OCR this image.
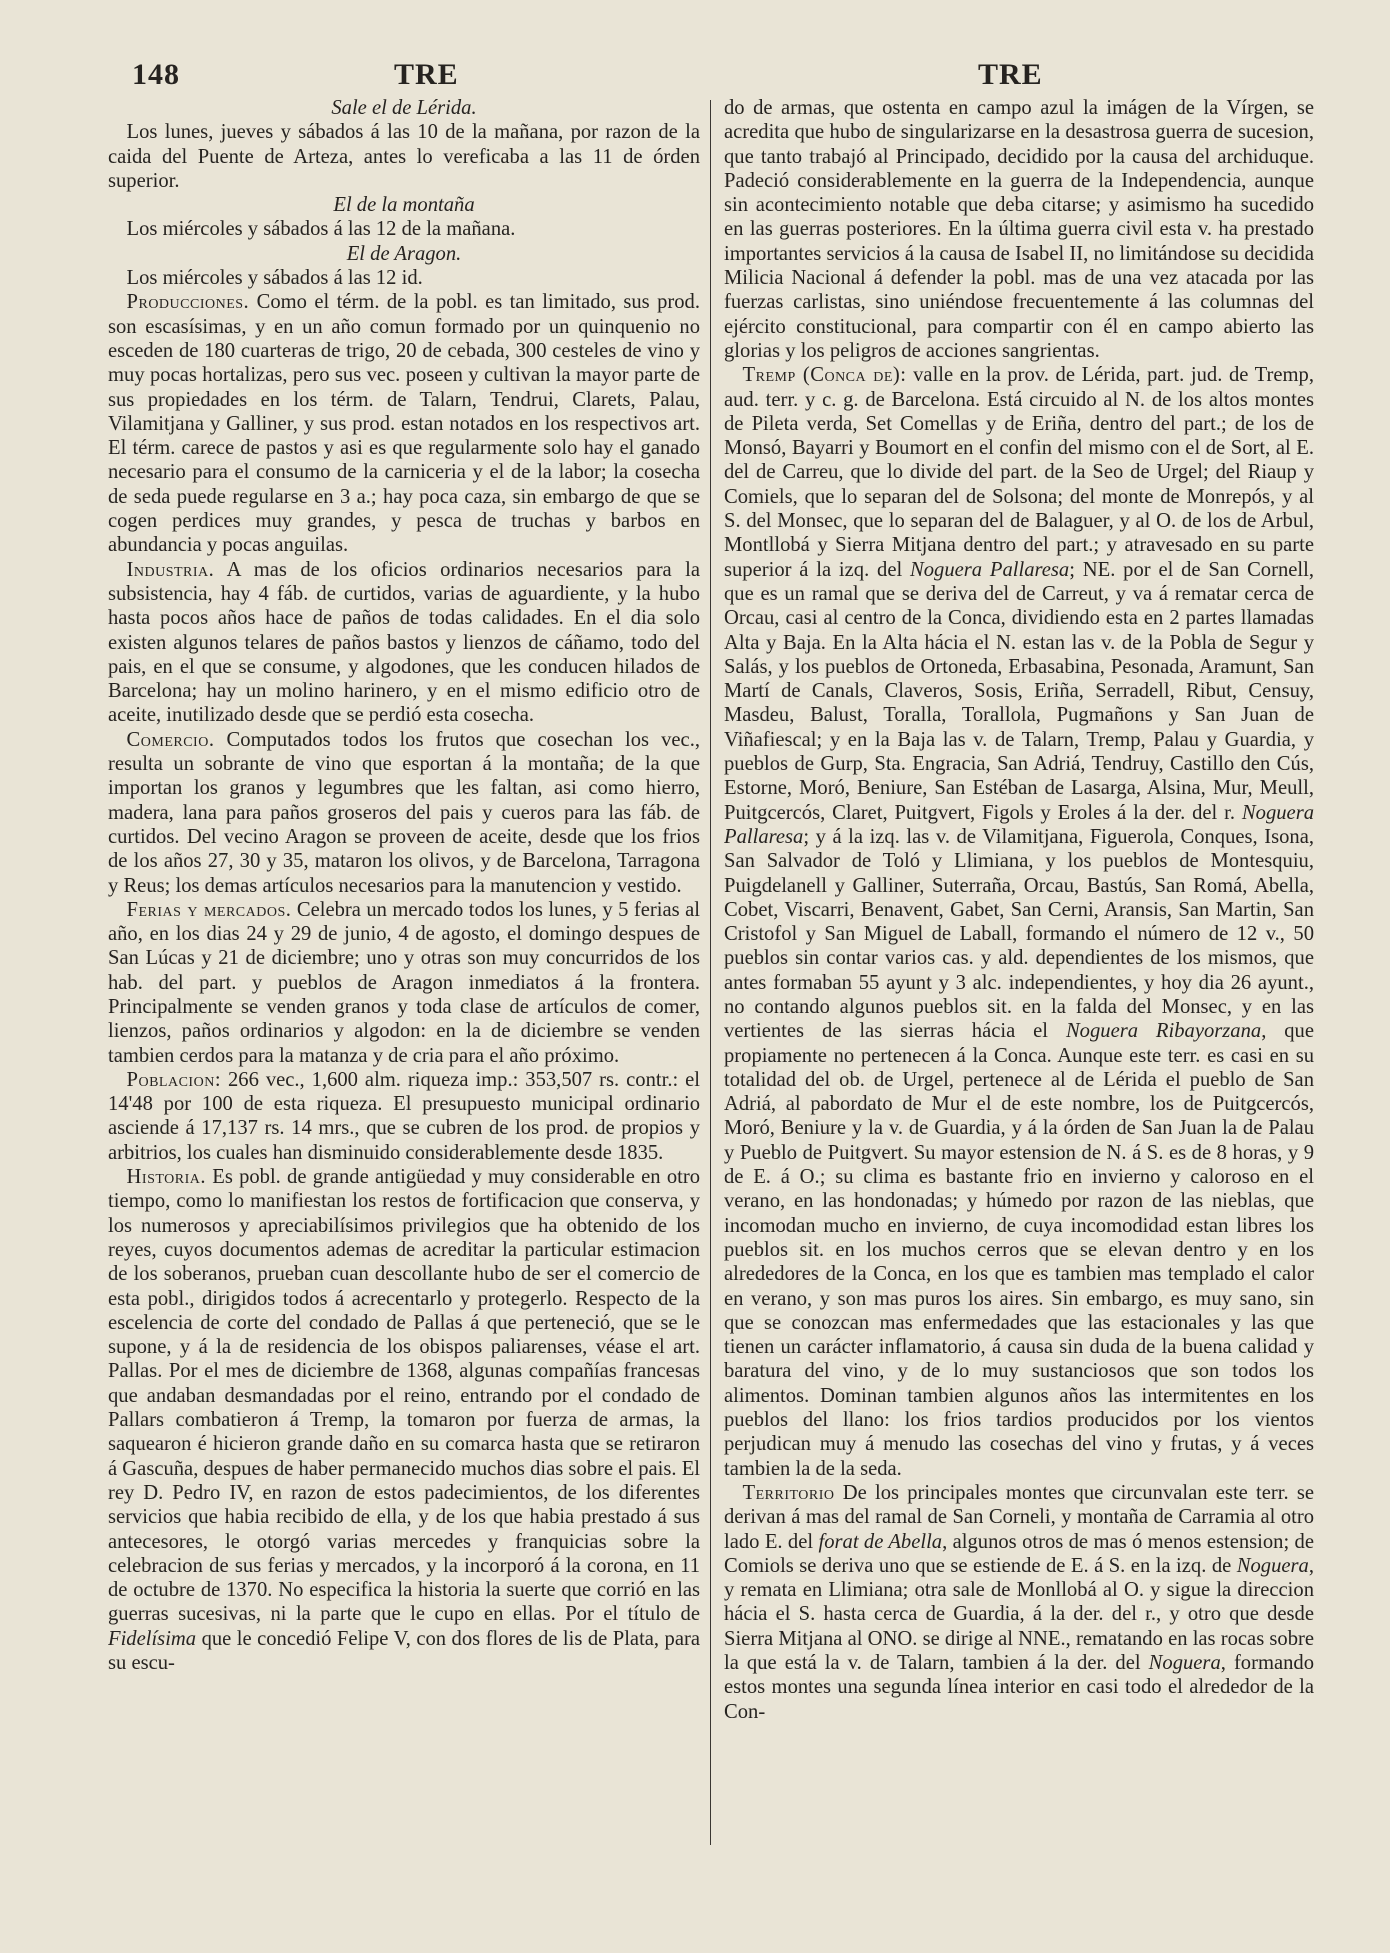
148	TRE	TRE

Sale el de Lérida.

Los lunes, jueves y sábados á las 10 de la mañana, por razon de la caida del Puente de Arteza, antes lo vereficaba a las 11 de órden superior.

El de la montaña

Los miércoles y sábados á las 12 de la mañana.

El de Aragon.

Los miércoles y sábados á las 12 id.

Producciones. Como el térm. de la pobl. es tan limitado, sus prod. son escasísimas, y en un año comun formado por un quinquenio no esceden de 180 cuarteras de trigo, 20 de cebada, 300 cesteles de vino y muy pocas hortalizas, pero sus vec. poseen y cultivan la mayor parte de sus propiedades en los térm. de Talarn, Tendrui, Clarets, Palau, Vilamitjana y Galliner, y sus prod. estan notados en los respectivos art. El térm. carece de pastos y asi es que regularmente solo hay el ganado necesario para el consumo de la carniceria y el de la labor; la cosecha de seda puede regularse en 3 a.; hay poca caza, sin embargo de que se cogen perdices muy grandes, y pesca de truchas y barbos en abundancia y pocas anguilas.

Industria. A mas de los oficios ordinarios necesarios para la subsistencia, hay 4 fáb. de curtidos, varias de aguardiente, y la hubo hasta pocos años hace de paños de todas calidades. En el dia solo existen algunos telares de paños bastos y lienzos de cáñamo, todo del pais, en el que se consume, y algodones, que les conducen hilados de Barcelona; hay un molino harinero, y en el mismo edificio otro de aceite, inutilizado desde que se perdió esta cosecha.

Comercio. Computados todos los frutos que cosechan los vec., resulta un sobrante de vino que esportan á la montaña; de la que importan los granos y legumbres que les faltan, asi como hierro, madera, lana para paños groseros del pais y cueros para las fáb. de curtidos. Del vecino Aragon se proveen de aceite, desde que los frios de los años 27, 30 y 35, mataron los olivos, y de Barcelona, Tarragona y Reus; los demas artículos necesarios para la manutencion y vestido.

Ferias y mercados. Celebra un mercado todos los lunes, y 5 ferias al año, en los dias 24 y 29 de junio, 4 de agosto, el domingo despues de San Lúcas y 21 de diciembre; uno y otras son muy concurridos de los hab. del part. y pueblos de Aragon inmediatos á la frontera. Principalmente se venden granos y toda clase de artículos de comer, lienzos, paños ordinarios y algodon: en la de diciembre se venden tambien cerdos para la matanza y de cria para el año próximo.

Poblacion: 266 vec., 1,600 alm. riqueza imp.: 353,507 rs. contr.: el 14'48 por 100 de esta riqueza. El presupuesto municipal ordinario asciende á 17,137 rs. 14 mrs., que se cubren de los prod. de propios y arbitrios, los cuales han disminuido considerablemente desde 1835.

Historia. Es pobl. de grande antigüedad y muy considerable en otro tiempo, como lo manifiestan los restos de fortificacion que conserva, y los numerosos y apreciabilísimos privilegios que ha obtenido de los reyes, cuyos documentos ademas de acreditar la particular estimacion de los soberanos, prueban cuan descollante hubo de ser el comercio de esta pobl., dirigidos todos á acrecentarlo y protegerlo. Respecto de la escelencia de corte del condado de Pallas á que perteneció, que se le supone, y á la de residencia de los obispos paliarenses, véase el art. Pallas. Por el mes de diciembre de 1368, algunas compañías francesas que andaban desmandadas por el reino, entrando por el condado de Pallars combatieron á Tremp, la tomaron por fuerza de armas, la saquearon é hicieron grande daño en su comarca hasta que se retiraron á Gascuña, despues de haber permanecido muchos dias sobre el pais. El rey D. Pedro IV, en razon de estos padecimientos, de los diferentes servicios que habia recibido de ella, y de los que habia prestado á sus antecesores, le otorgó varias mercedes y franquicias sobre la celebracion de sus ferias y mercados, y la incorporó á la corona, en 11 de octubre de 1370. No especifica la historia la suerte que corrió en las guerras sucesivas, ni la parte que le cupo en ellas. Por el título de Fidelísima que le concedió Felipe V, con dos flores de lis de Plata, para su escu-

do de armas, que ostenta en campo azul la imágen de la Vírgen, se acredita que hubo de singularizarse en la desastrosa guerra de sucesion, que tanto trabajó al Principado, decidido por la causa del archiduque. Padeció considerablemente en la guerra de la Independencia, aunque sin acontecimiento notable que deba citarse; y asimismo ha sucedido en las guerras posteriores. En la última guerra civil esta v. ha prestado importantes servicios á la causa de Isabel II, no limitándose su decidida Milicia Nacional á defender la pobl. mas de una vez atacada por las fuerzas carlistas, sino uniéndose frecuentemente á las columnas del ejército constitucional, para compartir con él en campo abierto las glorias y los peligros de acciones sangrientas.

Tremp (Conca de): valle en la prov. de Lérida, part. jud. de Tremp, aud. terr. y c. g. de Barcelona. Está circuido al N. de los altos montes de Pileta verda, Set Comellas y de Eriña, dentro del part.; de los de Monsó, Bayarri y Boumort en el confin del mismo con el de Sort, al E. del de Carreu, que lo divide del part. de la Seo de Urgel; del Riaup y Comiels, que lo separan del de Solsona; del monte de Monrepós, y al S. del Monsec, que lo separan del de Balaguer, y al O. de los de Arbul, Montllobá y Sierra Mitjana dentro del part.; y atravesado en su parte superior á la izq. del Noguera Pallaresa; NE. por el de San Cornell, que es un ramal que se deriva del de Carreut, y va á rematar cerca de Orcau, casi al centro de la Conca, dividiendo esta en 2 partes llamadas Alta y Baja. En la Alta hácia el N. estan las v. de la Pobla de Segur y Salás, y los pueblos de Ortoneda, Erbasabina, Pesonada, Aramunt, San Martí de Canals, Claveros, Sosis, Eriña, Serradell, Ribut, Censuy, Masdeu, Balust, Toralla, Torallola, Pugmañons y San Juan de Viñafiescal; y en la Baja las v. de Talarn, Tremp, Palau y Guardia, y pueblos de Gurp, Sta. Engracia, San Adriá, Tendruy, Castillo den Cús, Estorne, Moró, Beniure, San Estéban de Lasarga, Alsina, Mur, Meull, Puitgcercós, Claret, Puitgvert, Figols y Eroles á la der. del r. Noguera Pallaresa; y á la izq. las v. de Vilamitjana, Figuerola, Conques, Isona, San Salvador de Toló y Llimiana, y los pueblos de Montesquiu, Puigdelanell y Galliner, Suterraña, Orcau, Bastús, San Romá, Abella, Cobet, Viscarri, Benavent, Gabet, San Cerni, Aransis, San Martin, San Cristofol y San Miguel de Laball, formando el número de 12 v., 50 pueblos sin contar varios cas. y ald. dependientes de los mismos, que antes formaban 55 ayunt y 3 alc. independientes, y hoy dia 26 ayunt., no contando algunos pueblos sit. en la falda del Monsec, y en las vertientes de las sierras hácia el Noguera Ribayorzana, que propiamente no pertenecen á la Conca. Aunque este terr. es casi en su totalidad del ob. de Urgel, pertenece al de Lérida el pueblo de San Adriá, al pabordato de Mur el de este nombre, los de Puitgcercós, Moró, Beniure y la v. de Guardia, y á la órden de San Juan la de Palau y Pueblo de Puitgvert. Su mayor estension de N. á S. es de 8 horas, y 9 de E. á O.; su clima es bastante frio en invierno y caloroso en el verano, en las hondonadas; y húmedo por razon de las nieblas, que incomodan mucho en invierno, de cuya incomodidad estan libres los pueblos sit. en los muchos cerros que se elevan dentro y en los alrededores de la Conca, en los que es tambien mas templado el calor en verano, y son mas puros los aires. Sin embargo, es muy sano, sin que se conozcan mas enfermedades que las estacionales y las que tienen un carácter inflamatorio, á causa sin duda de la buena calidad y baratura del vino, y de lo muy sustanciosos que son todos los alimentos. Dominan tambien algunos años las intermitentes en los pueblos del llano: los frios tardios producidos por los vientos perjudican muy á menudo las cosechas del vino y frutas, y á veces tambien la de la seda.

Territorio De los principales montes que circunvalan este terr. se derivan á mas del ramal de San Corneli, y montaña de Carramia al otro lado E. del forat de Abella, algunos otros de mas ó menos estension; de Comiols se deriva uno que se estiende de E. á S. en la izq. de Noguera, y remata en Llimiana; otra sale de Monllobá al O. y sigue la direccion hácia el S. hasta cerca de Guardia, á la der. del r., y otro que desde Sierra Mitjana al ONO. se dirige al NNE., rematando en las rocas sobre la que está la v. de Talarn, tambien á la der. del Noguera, formando estos montes una segunda línea interior en casi todo el alrededor de la Con-
